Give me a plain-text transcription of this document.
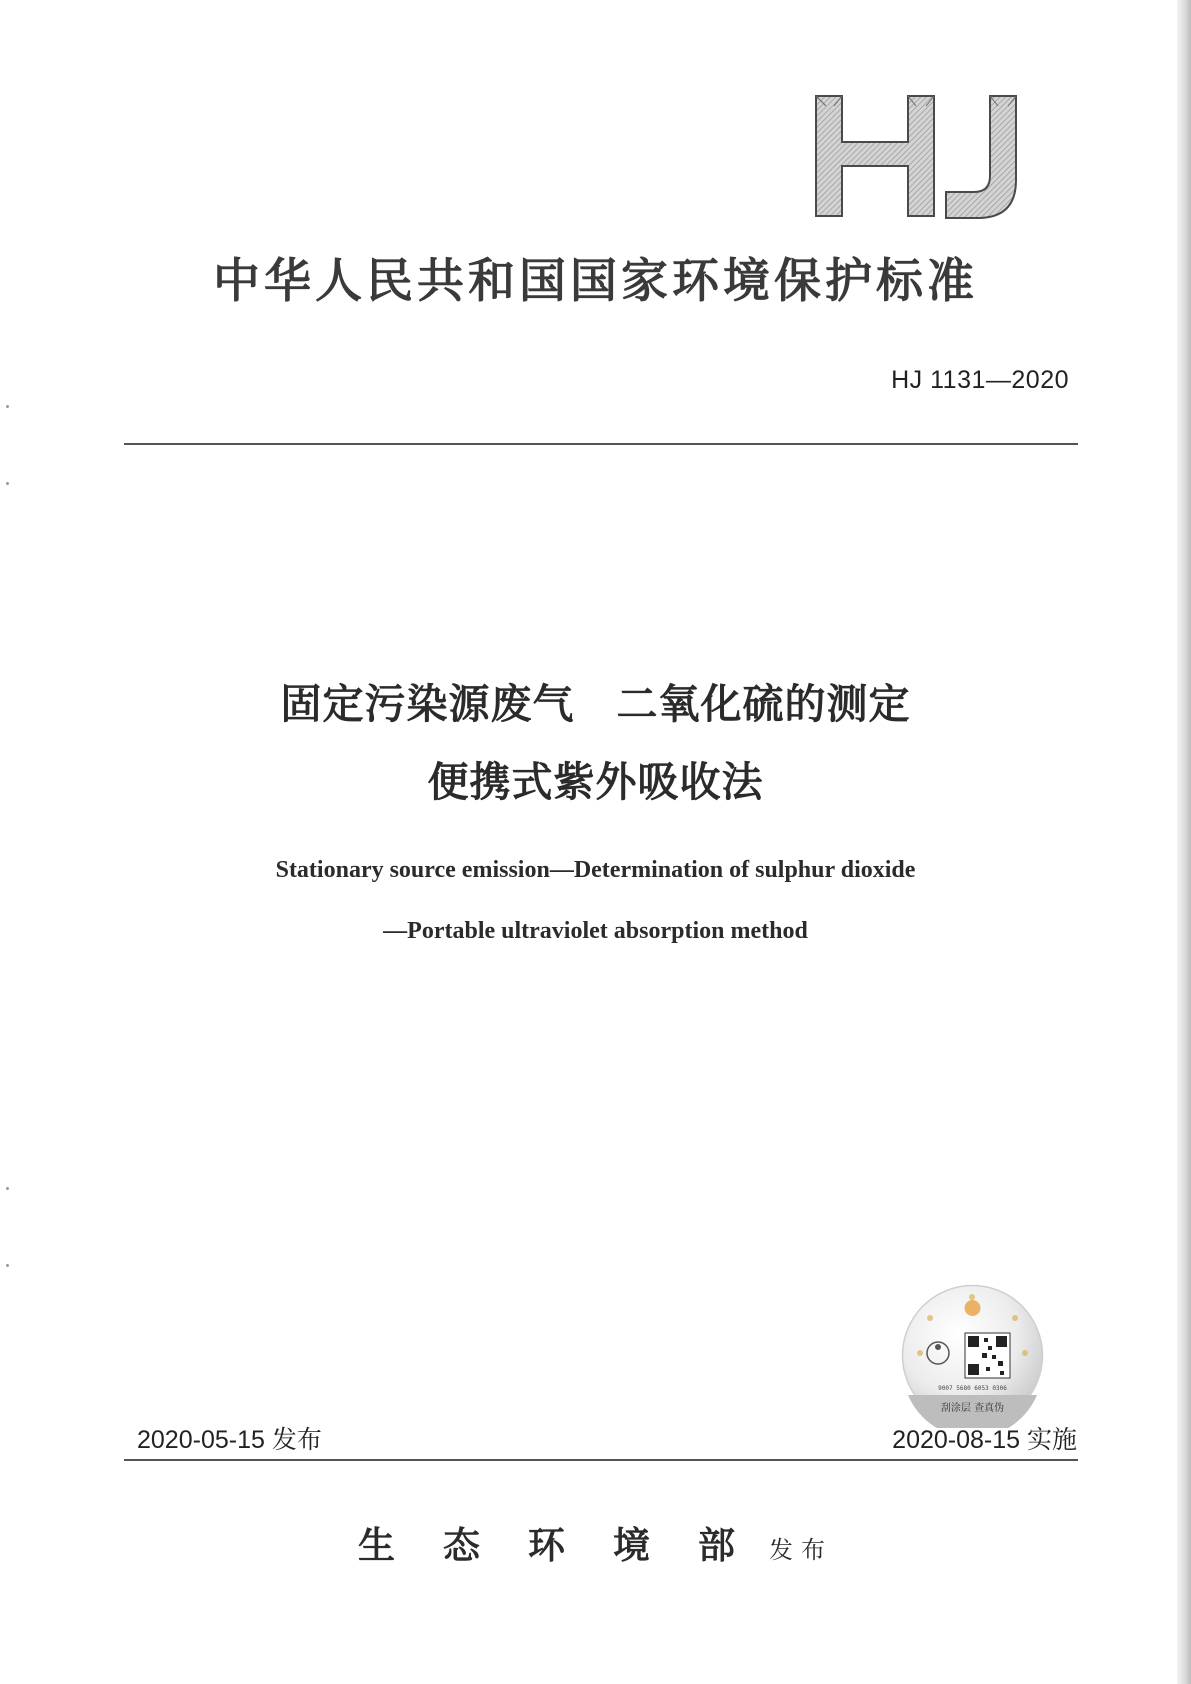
中华人民共和国国家环境保护标准
HJ 1131—2020
固定污染源废气　二氧化硫的测定
便携式紫外吸收法
Stationary source emission—Determination of sulphur dioxide
—Portable ultraviolet absorption method
9007 5680 6053 0306
刮涂层 查真伪
2020-05-15 发布	2020-08-15 实施
生态环境部发布
